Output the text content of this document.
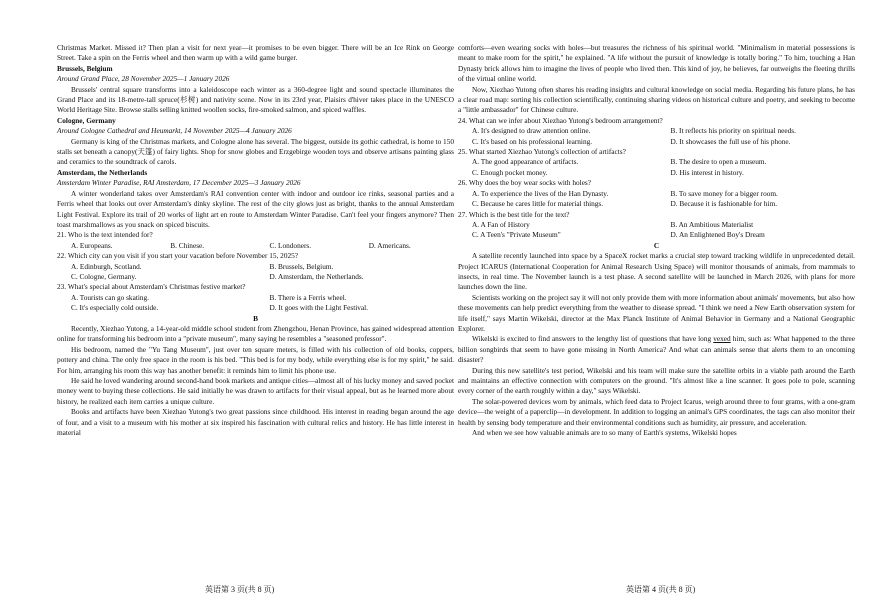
Christmas Market. Missed it? Then plan a visit for next year—it promises to be even bigger. There will be an Ice Rink on George Street. Take a spin on the Ferris wheel and then warm up with a wild game burger.

Brussels, Belgium

Around Grand Place, 28 November 2025—1 January 2026

Brussels' central square transforms into a kaleidoscope each winter as a 360-degree light and sound spectacle illuminates the Grand Place and its 18-metre-tall spruce(杉树) and nativity scene. Now in its 23rd year, Plaisirs d'hiver takes place in the UNESCO World Heritage Site. Browse stalls selling knitted woollen socks, fire-smoked salmon, and spiced waffles.

Cologne, Germany

Around Cologne Cathedral and Heumarkt, 14 November 2025—4 January 2026

Germany is king of the Christmas markets, and Cologne alone has several. The biggest, outside its gothic cathedral, is home to 150 stalls set beneath a canopy(天篷) of fairy lights. Shop for snow globes and Erzgebirge wooden toys and observe artisans painting glass and ceramics to the soundtrack of carols.

Amsterdam, the Netherlands

Amsterdam Winter Paradise, RAI Amsterdam, 17 December 2025—3 January 2026

A winter wonderland takes over Amsterdam's RAI convention center with indoor and outdoor ice rinks, seasonal parties and a Ferris wheel that looks out over Amsterdam's dinky skyline. The rest of the city glows just as bright, thanks to the annual Amsterdam Light Festival. Explore its trail of 20 works of light art en route to Amsterdam Winter Paradise. Can't feel your fingers anymore? Then toast marshmallows as you snack on spiced biscuits.

21. Who is the text intended for?

A. Europeans.	B. Chinese.	C. Londoners.	D. Americans.

22. Which city can you visit if you start your vacation before November 15, 2025?

A. Edinburgh, Scotland.	B. Brussels, Belgium.
C. Cologne, Germany.	D. Amsterdam, the Netherlands.

23. What's special about Amsterdam's Christmas festive market?

A. Tourists can go skating.	B. There is a Ferris wheel.
C. It's especially cold outside.	D. It goes with the Light Festival.

B

Recently, Xiezhao Yutong, a 14-year-old middle school student from Zhengzhou, Henan Province, has gained widespread attention online for transforming his bedroom into a "private museum", many saying he resembles a "seasoned professor".

His bedroom, named the "Yu Tang Museum", just over ten square meters, is filled with his collection of old books, coppers, pottery and china. The only free space in the room is his bed. "This bed is for my body, while everything else is for my spirit," he said. For him, arranging his room this way has another benefit: it reminds him to limit his phone use.

He said he loved wandering around second-hand book markets and antique cities—almost all of his lucky money and saved pocket money went to buying these collections. He said initially he was drawn to artifacts for their visual appeal, but as he learned more about history, he realized each item carries a unique culture.

Books and artifacts have been Xiezhao Yutong's two great passions since childhood. His interest in reading began around the age of four, and a visit to a museum with his mother at six inspired his fascination with cultural relics and history. He has little interest in material

comforts—even wearing socks with holes—but treasures the richness of his spiritual world. "Minimalism in material possessions is meant to make room for the spirit," he explained. "A life without the pursuit of knowledge is totally boring." To him, touching a Han Dynasty brick allows him to imagine the lives of people who lived then. This kind of joy, he believes, far outweighs the fleeting thrills of the virtual online world.

Now, Xiezhao Yutong often shares his reading insights and cultural knowledge on social media. Regarding his future plans, he has a clear road map: sorting his collection scientifically, continuing sharing videos on historical culture and poetry, and seeking to become a "little ambassador" for Chinese culture.

24. What can we infer about Xiezhao Yutong's bedroom arrangement?

A. It's designed to draw attention online.	B. It reflects his priority on spiritual needs.
C. It's based on his professional learning.	D. It showcases the full use of his phone.

25. What started Xiezhao Yutong's collection of artifacts?

A. The good appearance of artifacts.	B. The desire to open a museum.
C. Enough pocket money.	D. His interest in history.

26. Why does the boy wear socks with holes?

A. To experience the lives of the Han Dynasty.	B. To save money for a bigger room.
C. Because he cares little for material things.	D. Because it is fashionable for him.

27. Which is the best title for the text?

A. A Fan of History	B. An Ambitious Materialist
C. A Teen's "Private Museum"	D. An Enlightened Boy's Dream

C

A satellite recently launched into space by a SpaceX rocket marks a crucial step toward tracking wildlife in unprecedented detail. Project ICARUS (International Cooperation for Animal Research Using Space) will monitor thousands of animals, from mammals to insects, in real time. The November launch is a test phase. A second satellite will be launched in March 2026, with plans for more launches down the line.

Scientists working on the project say it will not only provide them with more information about animals' movements, but also how these movements can help predict everything from the weather to disease spread. "I think we need a New Earth observation system for life itself," says Martin Wikelski, director at the Max Planck Institute of Animal Behavior in Germany and a National Geographic Explorer.

Wikelski is excited to find answers to the lengthy list of questions that have long vexed him, such as: What happened to the three billion songbirds that seem to have gone missing in North America? And what can animals sense that alerts them to an oncoming disaster?

During this new satellite's test period, Wikelski and his team will make sure the satellite orbits in a viable path around the Earth and maintains an effective connection with computers on the ground. "It's almost like a line scanner. It goes pole to pole, scanning every corner of the earth roughly within a day," says Wikelski.

The solar-powered devices worn by animals, which feed data to Project Icarus, weigh around three to four grams, with a one-gram device—the weight of a paperclip—in development. In addition to logging an animal's GPS coordinates, the tags can also monitor their health by sensing body temperature and their environmental conditions such as humidity, air pressure, and acceleration.

And when we see how valuable animals are to so many of Earth's systems, Wikelski hopes

英语第 3 页(共 8 页)	英语第 4 页(共 8 页)
